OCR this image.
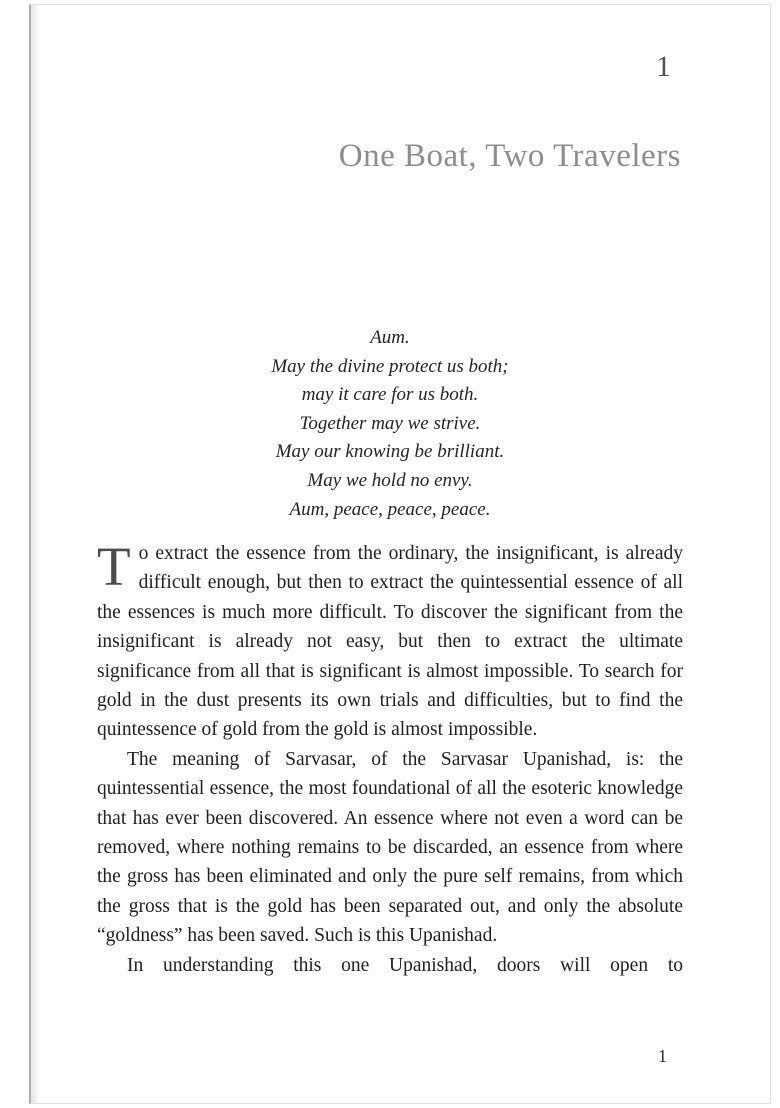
1
One Boat, Two Travelers
Aum.
May the divine protect us both;
may it care for us both.
Together may we strive.
May our knowing be brilliant.
May we hold no envy.
Aum, peace, peace, peace.

To extract the essence from the ordinary, the insignificant, is already difficult enough, but then to extract the quintessential essence of all the essences is much more difficult. To discover the significant from the insignificant is already not easy, but then to extract the ultimate significance from all that is significant is almost impossible. To search for gold in the dust presents its own trials and difficulties, but to find the quintessence of gold from the gold is almost impossible.

The meaning of Sarvasar, of the Sarvasar Upanishad, is: the quintessential essence, the most foundational of all the esoteric knowledge that has ever been discovered. An essence where not even a word can be removed, where nothing remains to be discarded, an essence from where the gross has been eliminated and only the pure self remains, from which the gross that is the gold has been separated out, and only the absolute “goldness” has been saved. Such is this Upanishad.

In understanding this one Upanishad, doors will open to

1
